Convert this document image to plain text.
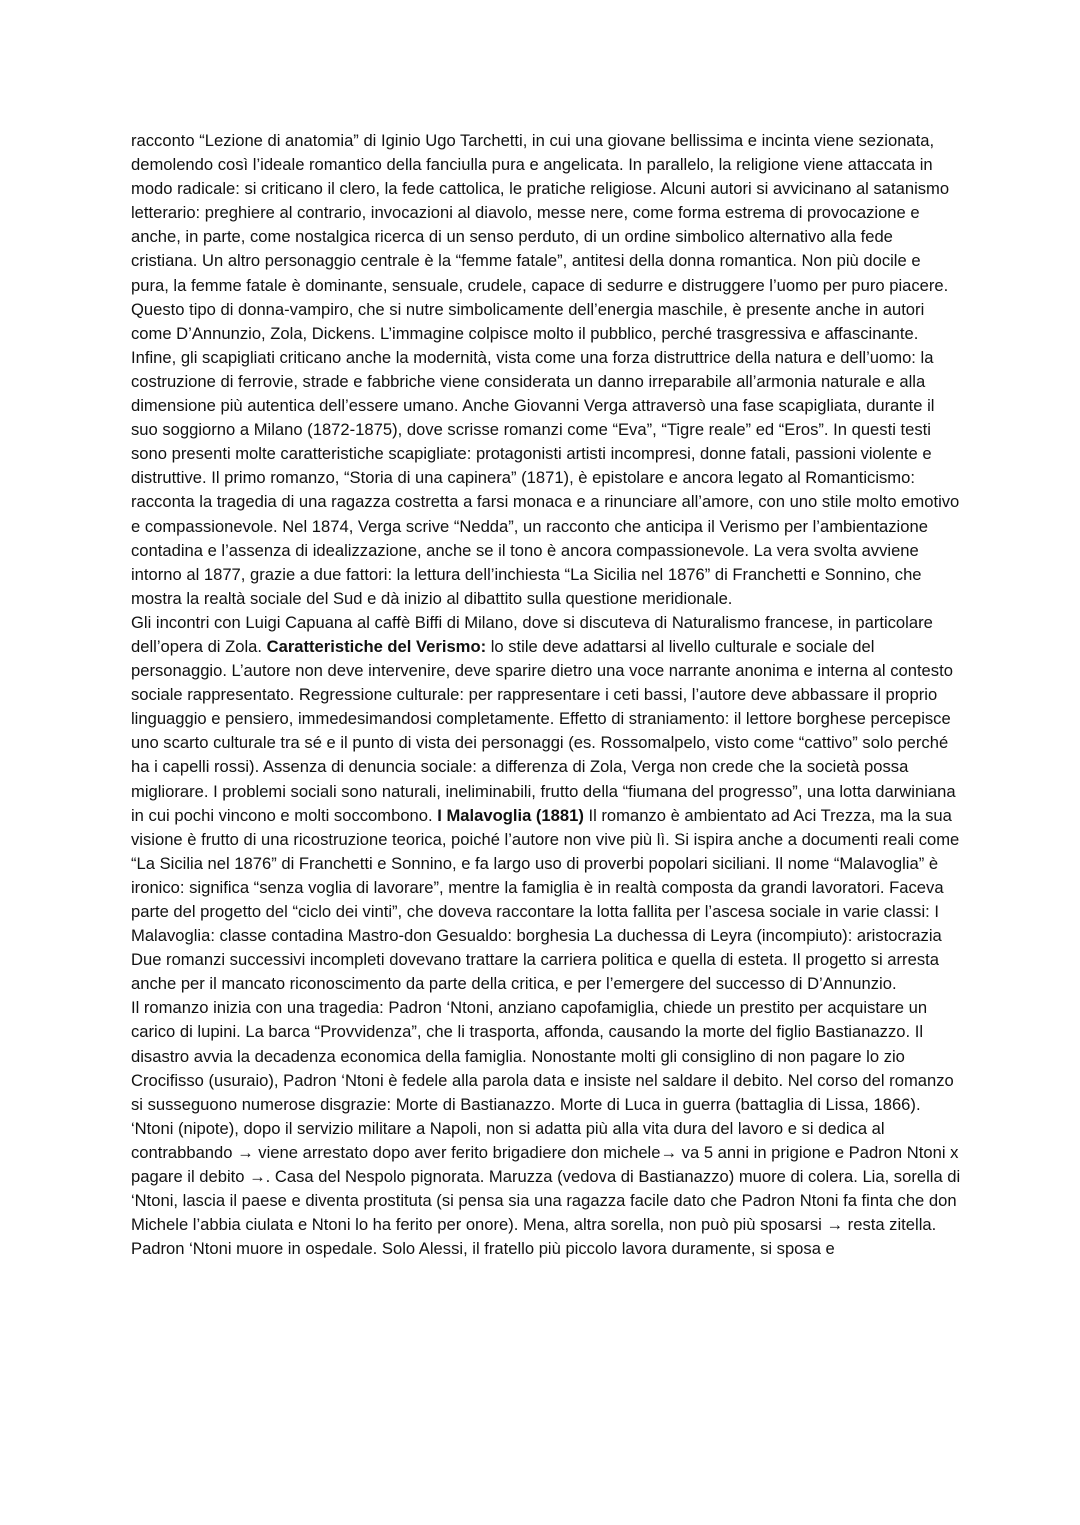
racconto “Lezione di anatomia” di Iginio Ugo Tarchetti, in cui una giovane bellissima e incinta viene sezionata, demolendo così l’ideale romantico della fanciulla pura e angelicata. In parallelo, la religione viene attaccata in modo radicale: si criticano il clero, la fede cattolica, le pratiche religiose. Alcuni autori si avvicinano al satanismo letterario: preghiere al contrario, invocazioni al diavolo, messe nere, come forma estrema di provocazione e anche, in parte, come nostalgica ricerca di un senso perduto, di un ordine simbolico alternativo alla fede cristiana. Un altro personaggio centrale è la “femme fatale”, antitesi della donna romantica. Non più docile e pura, la femme fatale è dominante, sensuale, crudele, capace di sedurre e distruggere l’uomo per puro piacere. Questo tipo di donna-vampiro, che si nutre simbolicamente dell’energia maschile, è presente anche in autori come D’Annunzio, Zola, Dickens. L’immagine colpisce molto il pubblico, perché trasgressiva e affascinante. Infine, gli scapigliati criticano anche la modernità, vista come una forza distruttrice della natura e dell’uomo: la costruzione di ferrovie, strade e fabbriche viene considerata un danno irreparabile all’armonia naturale e alla dimensione più autentica dell’essere umano. Anche Giovanni Verga attraversò una fase scapigliata, durante il suo soggiorno a Milano (1872-1875), dove scrisse romanzi come “Eva”, “Tigre reale” ed “Eros”. In questi testi sono presenti molte caratteristiche scapigliate: protagonisti artisti incompresi, donne fatali, passioni violente e distruttive. Il primo romanzo, “Storia di una capinera” (1871), è epistolare e ancora legato al Romanticismo: racconta la tragedia di una ragazza costretta a farsi monaca e a rinunciare all’amore, con uno stile molto emotivo e compassionevole. Nel 1874, Verga scrive “Nedda”, un racconto che anticipa il Verismo per l’ambientazione contadina e l’assenza di idealizzazione, anche se il tono è ancora compassionevole. La vera svolta avviene intorno al 1877, grazie a due fattori: la lettura dell’inchiesta “La Sicilia nel 1876” di Franchetti e Sonnino, che mostra la realtà sociale del Sud e dà inizio al dibattito sulla questione meridionale.

Gli incontri con Luigi Capuana al caffè Biffi di Milano, dove si discuteva di Naturalismo francese, in particolare dell’opera di Zola. Caratteristiche del Verismo: lo stile deve adattarsi al livello culturale e sociale del personaggio. L’autore non deve intervenire, deve sparire dietro una voce narrante anonima e interna al contesto sociale rappresentato. Regressione culturale: per rappresentare i ceti bassi, l’autore deve abbassare il proprio linguaggio e pensiero, immedesimandosi completamente. Effetto di straniamento: il lettore borghese percepisce uno scarto culturale tra sé e il punto di vista dei personaggi (es. Rossomalpelo, visto come “cattivo” solo perché ha i capelli rossi). Assenza di denuncia sociale: a differenza di Zola, Verga non crede che la società possa migliorare. I problemi sociali sono naturali, ineliminabili, frutto della “fiumana del progresso”, una lotta darwiniana in cui pochi vincono e molti soccombono. I Malavoglia (1881) Il romanzo è ambientato ad Aci Trezza, ma la sua visione è frutto di una ricostruzione teorica, poiché l’autore non vive più lì. Si ispira anche a documenti reali come “La Sicilia nel 1876” di Franchetti e Sonnino, e fa largo uso di proverbi popolari siciliani. Il nome “Malavoglia” è ironico: significa “senza voglia di lavorare”, mentre la famiglia è in realtà composta da grandi lavoratori. Faceva parte del progetto del “ciclo dei vinti”, che doveva raccontare la lotta fallita per l’ascesa sociale in varie classi: I Malavoglia: classe contadina Mastro-don Gesualdo: borghesia La duchessa di Leyra (incompiuto): aristocrazia Due romanzi successivi incompleti dovevano trattare la carriera politica e quella di esteta. Il progetto si arresta anche per il mancato riconoscimento da parte della critica, e per l’emergere del successo di D’Annunzio.

Il romanzo inizia con una tragedia: Padron ‘Ntoni, anziano capofamiglia, chiede un prestito per acquistare un carico di lupini. La barca “Provvidenza”, che li trasporta, affonda, causando la morte del figlio Bastianazzo. Il disastro avvia la decadenza economica della famiglia. Nonostante molti gli consiglino di non pagare lo zio Crocifisso (usuraio), Padron ‘Ntoni è fedele alla parola data e insiste nel saldare il debito. Nel corso del romanzo si susseguono numerose disgrazie: Morte di Bastianazzo. Morte di Luca in guerra (battaglia di Lissa, 1866). ‘Ntoni (nipote), dopo il servizio militare a Napoli, non si adatta più alla vita dura del lavoro e si dedica al contrabbando → viene arrestato dopo aver ferito brigadiere don michele→ va 5 anni in prigione e Padron Ntoni x pagare il debito →. Casa del Nespolo pignorata. Maruzza (vedova di Bastianazzo) muore di colera. Lia, sorella di ‘Ntoni, lascia il paese e diventa prostituta (si pensa sia una ragazza facile dato che Padron Ntoni fa finta che don Michele l’abbia ciulata e Ntoni lo ha ferito per onore). Mena, altra sorella, non può più sposarsi → resta zitella. Padron ‘Ntoni muore in ospedale. Solo Alessi, il fratello più piccolo lavora duramente, si sposa e
